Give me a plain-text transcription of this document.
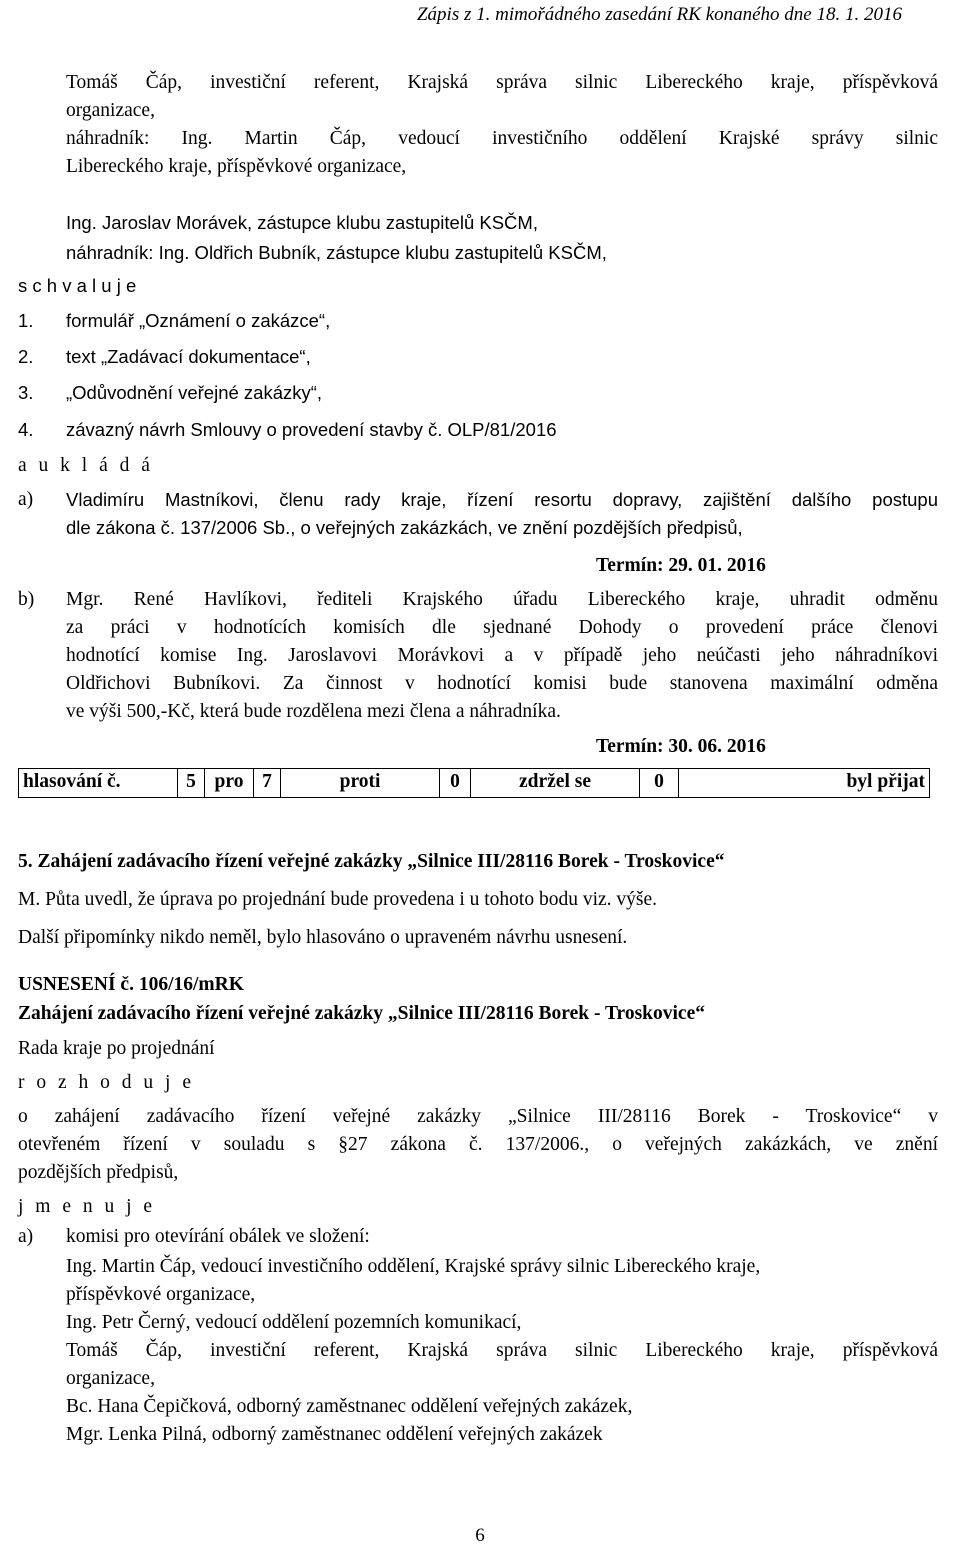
Zápis z 1. mimořádného zasedání RK konaného dne 18. 1. 2016
Tomáš Čáp, investiční referent, Krajská správa silnic Libereckého kraje, příspěvková
organizace,
náhradník: Ing. Martin Čáp, vedoucí investičního oddělení Krajské správy silnic
Libereckého kraje, příspěvkové organizace,
Ing. Jaroslav Morávek, zástupce klubu zastupitelů KSČM,
náhradník: Ing. Oldřich Bubník, zástupce klubu zastupitelů KSČM,
s c h v a l u j e
1. formulář „Oznámení o zakázce“,
2. text „Zadávací dokumentace“,
3. „Odůvodnění veřejné zakázky“,
4. závazný návrh Smlouvy o provedení stavby č. OLP/81/2016
a u k l á d á
a) Vladimíru Mastníkovi, členu rady kraje, řízení resortu dopravy, zajištění dalšího postupu
dle zákona č. 137/2006 Sb., o veřejných zakázkách, ve znění pozdějších předpisů,
Termín: 29. 01. 2016
b) Mgr. René Havlíkovi, řediteli Krajského úřadu Libereckého kraje, uhradit odměnu
za práci v hodnotících komisích dle sjednané Dohody o provedení práce členovi
hodnotící komise Ing. Jaroslavovi Morávkovi a v případě jeho neúčasti jeho náhradníkovi
Oldřichovi Bubníkovi. Za činnost v hodnotící komisi bude stanovena maximální odměna
ve výši 500,-Kč, která bude rozdělena mezi člena a náhradníka.
Termín: 30. 06. 2016
hlasování č.	5	pro	7	proti	0	zdržel se	0	byl přijat
5. Zahájení zadávacího řízení veřejné zakázky „Silnice III/28116 Borek - Troskovice“
M. Půta uvedl, že úprava po projednání bude provedena i u tohoto bodu viz. výše.
Další připomínky nikdo neměl, bylo hlasováno o upraveném návrhu usnesení.
USNESENÍ č. 106/16/mRK
Zahájení zadávacího řízení veřejné zakázky „Silnice III/28116 Borek - Troskovice“
Rada kraje po projednání
r o z h o d u j e
o zahájení zadávacího řízení veřejné zakázky „Silnice III/28116 Borek - Troskovice“ v
otevřeném řízení v souladu s §27 zákona č. 137/2006., o veřejných zakázkách, ve znění
pozdějších předpisů,
j m e n u j e
a) komisi pro otevírání obálek ve složení:
Ing. Martin Čáp, vedoucí investičního oddělení, Krajské správy silnic Libereckého kraje,
příspěvkové organizace,
Ing. Petr Černý, vedoucí oddělení pozemních komunikací,
Tomáš Čáp, investiční referent, Krajská správa silnic Libereckého kraje, příspěvková
organizace,
Bc. Hana Čepičková, odborný zaměstnanec oddělení veřejných zakázek,
Mgr. Lenka Pilná, odborný zaměstnanec oddělení veřejných zakázek
6
